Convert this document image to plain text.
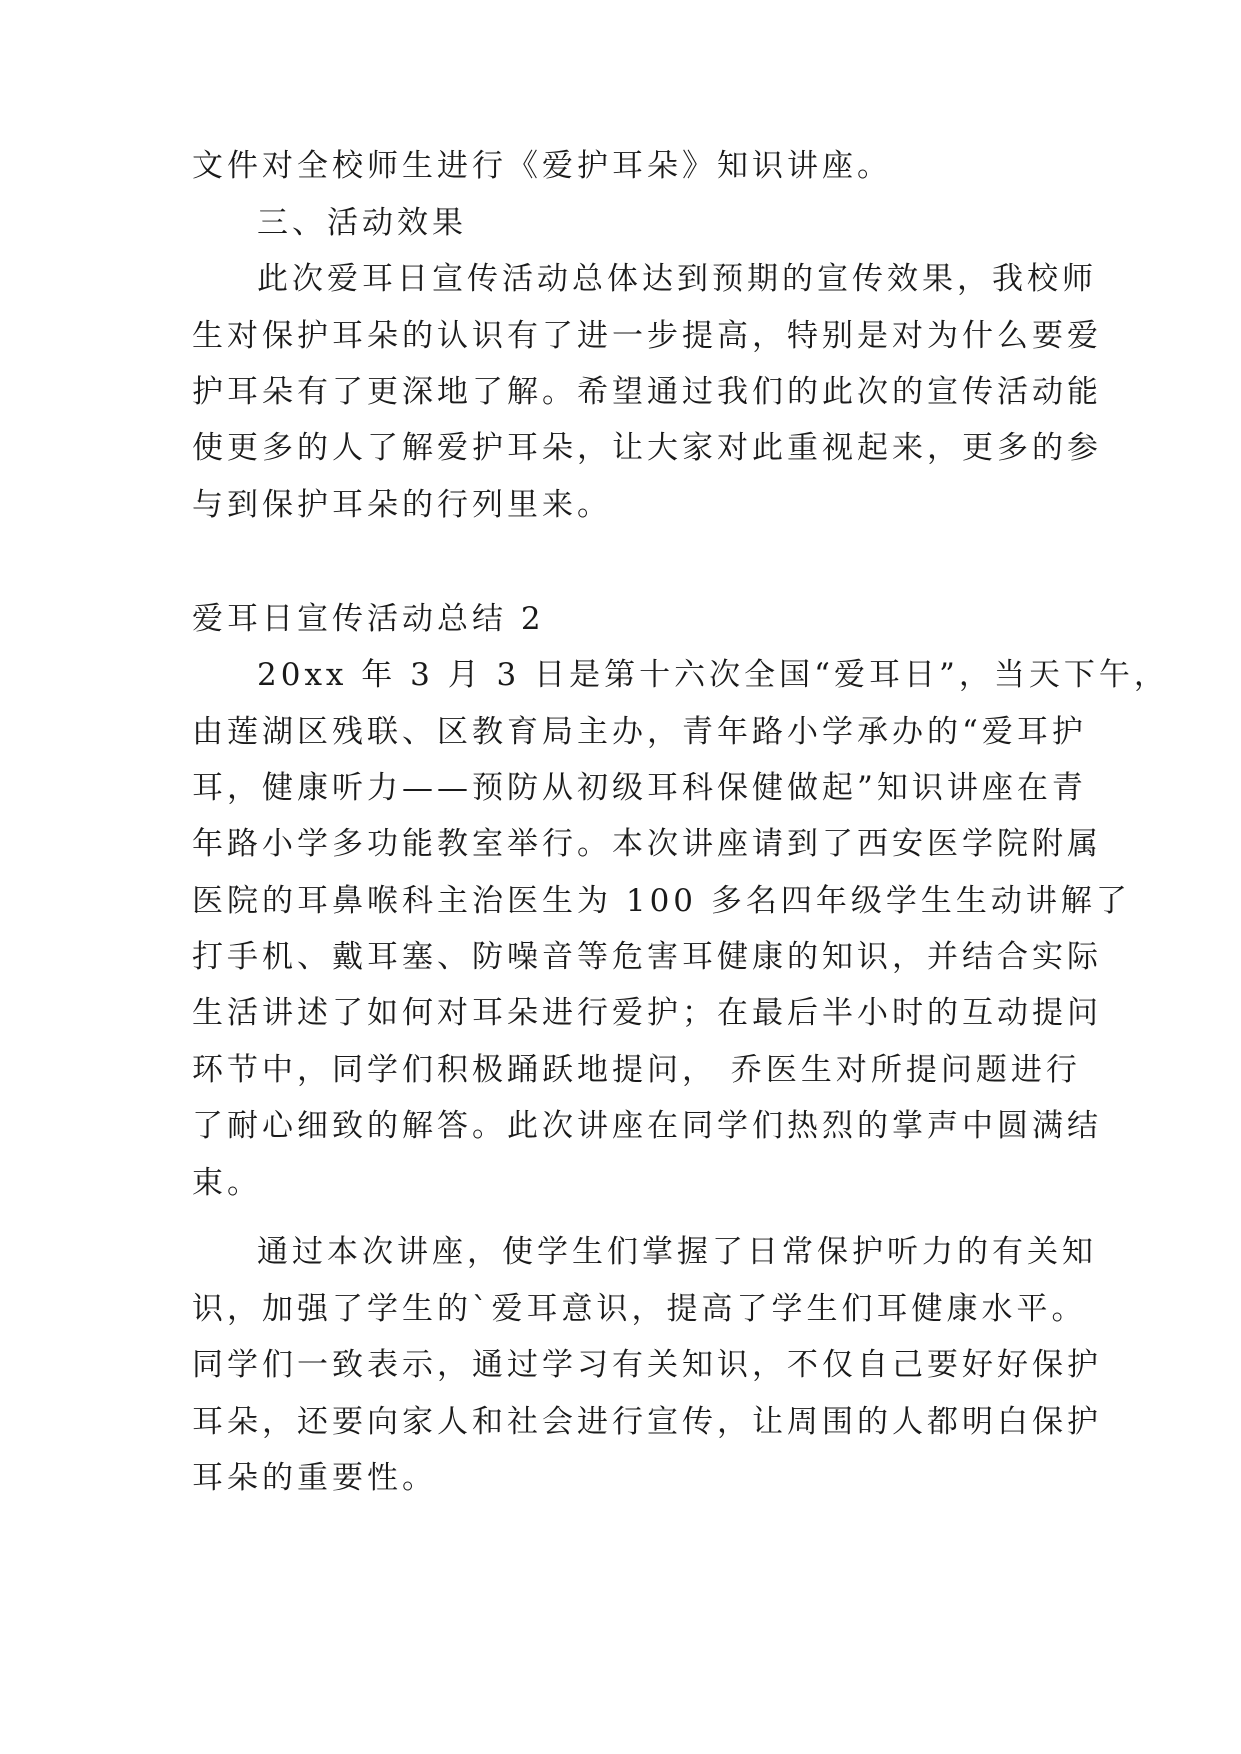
文件对全校师生进行《爱护耳朵》知识讲座。
三、活动效果
此次爱耳日宣传活动总体达到预期的宣传效果，我校师
生对保护耳朵的认识有了进一步提高，特别是对为什么要爱
护耳朵有了更深地了解。希望通过我们的此次的宣传活动能
使更多的人了解爱护耳朵，让大家对此重视起来，更多的参
与到保护耳朵的行列里来。
爱耳日宣传活动总结 2
20xx 年 3 月 3 日是第十六次全国“爱耳日”，当天下午，
由莲湖区残联、区教育局主办，青年路小学承办的“爱耳护
耳，健康听力——预防从初级耳科保健做起”知识讲座在青
年路小学多功能教室举行。本次讲座请到了西安医学院附属
医院的耳鼻喉科主治医生为 100 多名四年级学生生动讲解了
打手机、戴耳塞、防噪音等危害耳健康的知识，并结合实际
生活讲述了如何对耳朵进行爱护；在最后半小时的互动提问
环节中，同学们积极踊跃地提问， 乔医生对所提问题进行
了耐心细致的解答。此次讲座在同学们热烈的掌声中圆满结
束。
通过本次讲座，使学生们掌握了日常保护听力的有关知
识，加强了学生的`爱耳意识，提高了学生们耳健康水平。
同学们一致表示，通过学习有关知识，不仅自己要好好保护
耳朵，还要向家人和社会进行宣传，让周围的人都明白保护
耳朵的重要性。
